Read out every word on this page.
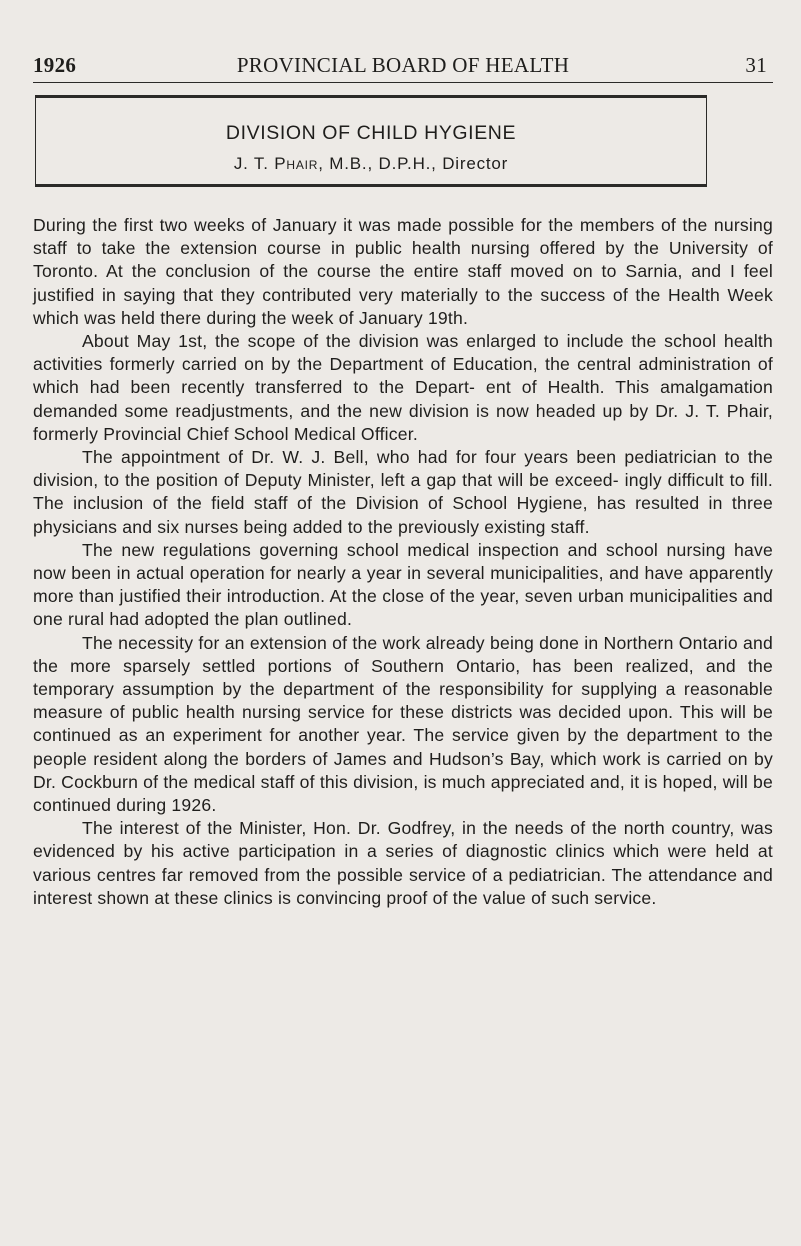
1926	PROVINCIAL BOARD OF HEALTH	31
DIVISION OF CHILD HYGIENE
J. T. Phair, M.B., D.P.H., Director

During the first two weeks of January it was made possible for the members of the nursing staff to take the extension course in public health nursing offered by the University of Toronto. At the conclusion of the course the entire staff moved on to Sarnia, and I feel justified in saying that they contributed very materially to the success of the Health Week which was held there during the week of January 19th.

About May 1st, the scope of the division was enlarged to include the school health activities formerly carried on by the Department of Education, the central administration of which had been recently transferred to the Depart- ent of Health. This amalgamation demanded some readjustments, and the new division is now headed up by Dr. J. T. Phair, formerly Provincial Chief School Medical Officer.

The appointment of Dr. W. J. Bell, who had for four years been pediatrician to the division, to the position of Deputy Minister, left a gap that will be exceed- ingly difficult to fill. The inclusion of the field staff of the Division of School Hygiene, has resulted in three physicians and six nurses being added to the previously existing staff.

The new regulations governing school medical inspection and school nursing have now been in actual operation for nearly a year in several municipalities, and have apparently more than justified their introduction. At the close of the year, seven urban municipalities and one rural had adopted the plan outlined.

The necessity for an extension of the work already being done in Northern Ontario and the more sparsely settled portions of Southern Ontario, has been realized, and the temporary assumption by the department of the responsibility for supplying a reasonable measure of public health nursing service for these districts was decided upon. This will be continued as an experiment for another year. The service given by the department to the people resident along the borders of James and Hudson’s Bay, which work is carried on by Dr. Cockburn of the medical staff of this division, is much appreciated and, it is hoped, will be continued during 1926.

The interest of the Minister, Hon. Dr. Godfrey, in the needs of the north country, was evidenced by his active participation in a series of diagnostic clinics which were held at various centres far removed from the possible service of a pediatrician. The attendance and interest shown at these clinics is convincing proof of the value of such service.
